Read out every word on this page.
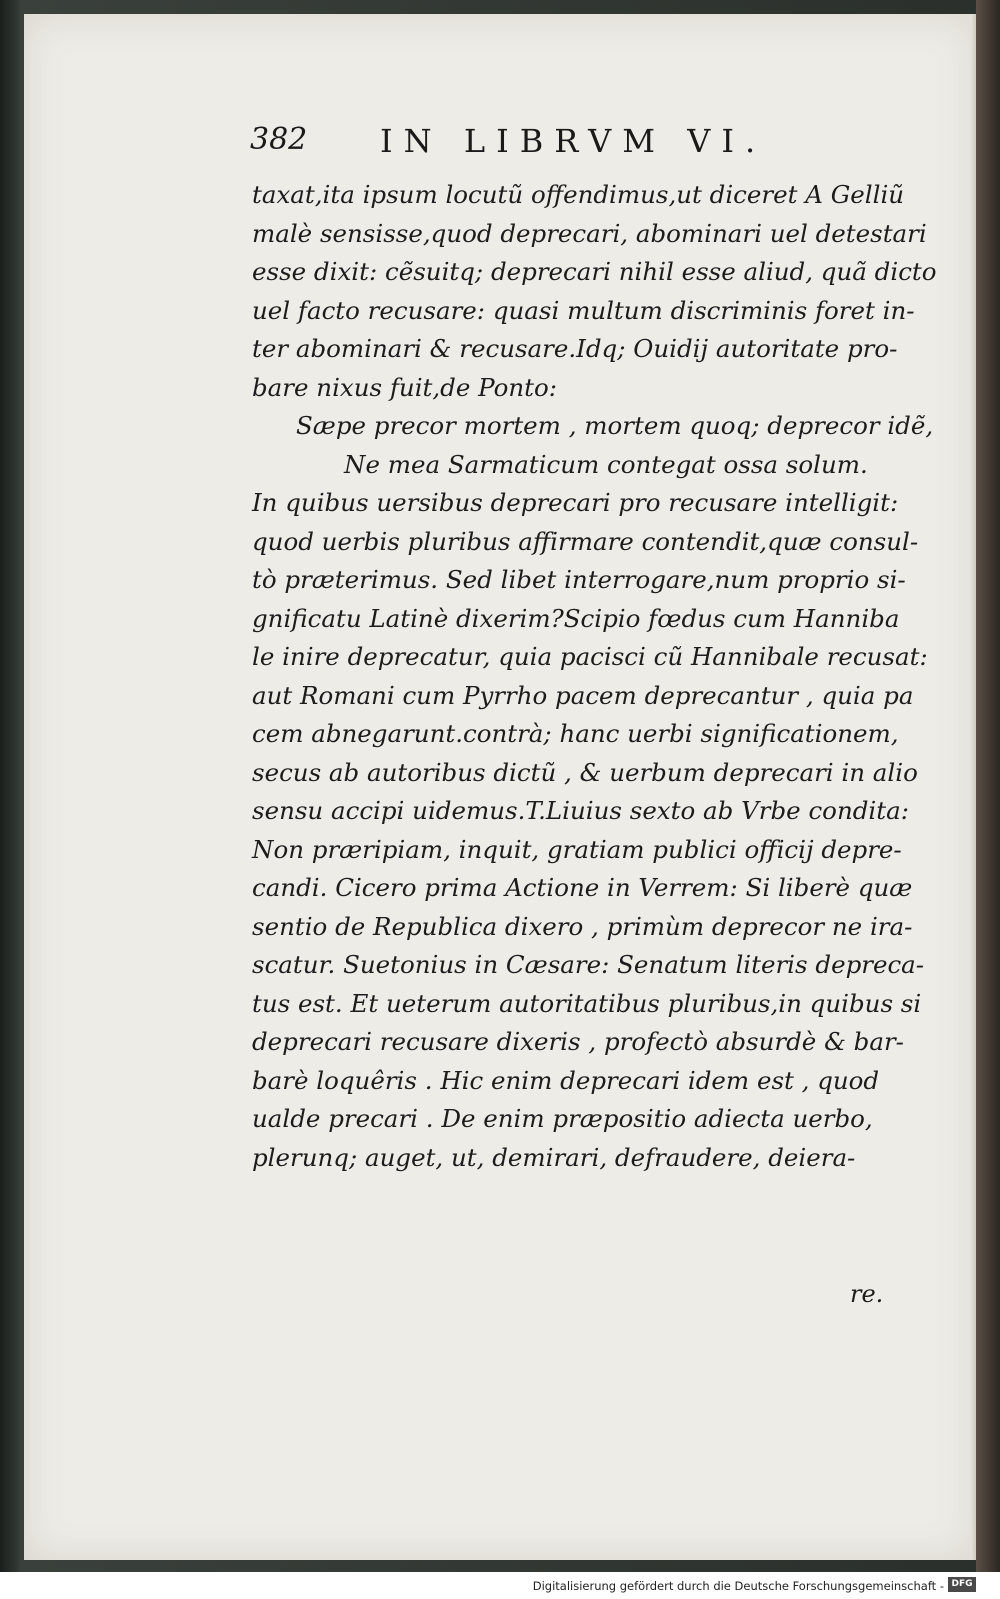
382 IN LIBRVM VI.
taxat,ita ipsum locutũ offendimus,ut diceret A Gelliũ
malè sensisse,quod deprecari, abominari uel detestari
esse dixit: cẽsuitq; deprecari nihil esse aliud, quã dicto
uel facto recusare: quasi multum discriminis foret in-
ter abominari & recusare.Idq; Ouidij autoritate pro-
bare nixus fuit,de Ponto:
Sæpe precor mortem , mortem quoq; deprecor idẽ,
Ne mea Sarmaticum contegat ossa solum.
In quibus uersibus deprecari pro recusare intelligit:
quod uerbis pluribus affirmare contendit,quæ consul-
tò præterimus. Sed libet interrogare,num proprio si-
gnificatu Latinè dixerim?Scipio fœdus cum Hanniba
le inire deprecatur, quia pacisci cũ Hannibale recusat:
aut Romani cum Pyrrho pacem deprecantur , quia pa
cem abnegarunt.contrà; hanc uerbi significationem,
secus ab autoribus dictũ , & uerbum deprecari in alio
sensu accipi uidemus.T.Liuius sexto ab Vrbe condita:
Non præripiam, inquit, gratiam publici officij depre-
candi. Cicero prima Actione in Verrem: Si liberè quæ
sentio de Republica dixero , primùm deprecor ne ira-
scatur. Suetonius in Cæsare: Senatum literis depreca-
tus est. Et ueterum autoritatibus pluribus,in quibus si
deprecari recusare dixeris , profectò absurdè & bar-
barè loquêris . Hic enim deprecari idem est , quod
ualde precari . De enim præpositio adiecta uerbo,
plerunq; auget, ut, demirari, defraudere, deiera-
re.
Digitalisierung gefördert durch die Deutsche Forschungsgemeinschaft - DFG
